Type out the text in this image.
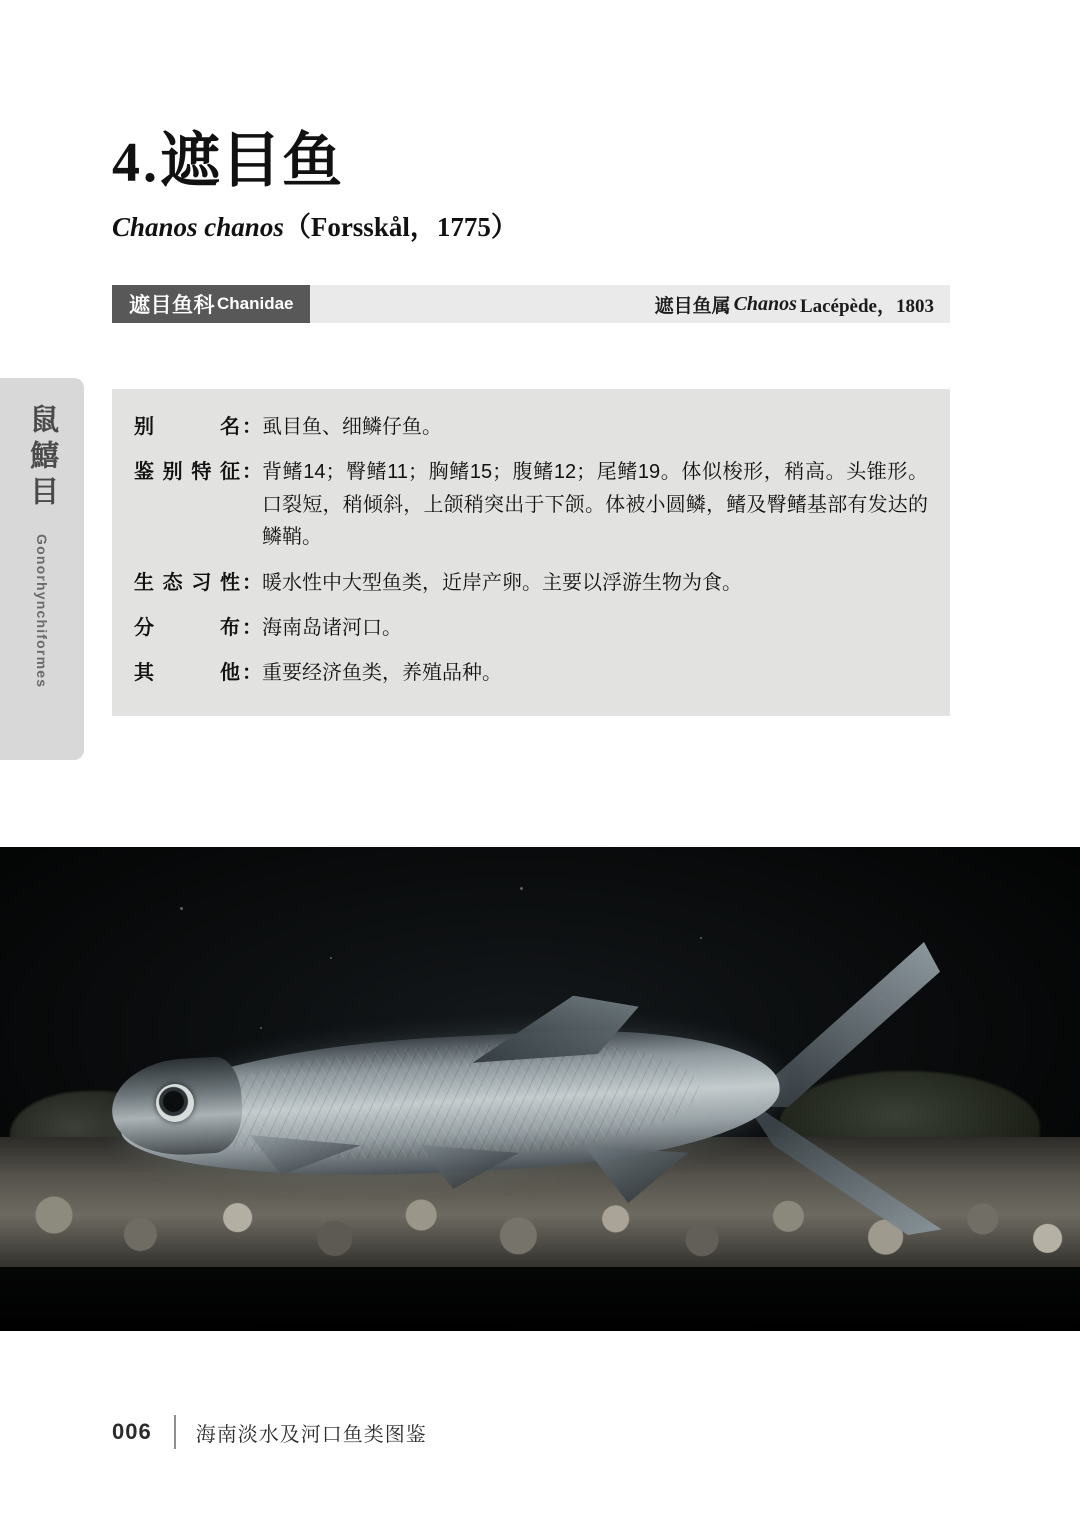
鼠鱚目
Gonorhynchiformes
4.遮目鱼
Chanos chanos（Forsskål，1775）
遮目鱼科 Chanidae	遮目鱼属 Chanos Lacépède，1803
别名 ： 虱目鱼、细鳞仔鱼。
鉴别特征 ： 背鳍14；臀鳍11；胸鳍15；腹鳍12；尾鳍19。体似梭形，稍高。头锥形。口裂短，稍倾斜，上颌稍突出于下颌。体被小圆鳞，鳍及臀鳍基部有发达的鳞鞘。
生态习性 ： 暖水性中大型鱼类，近岸产卵。主要以浮游生物为食。
分布 ： 海南岛诸河口。
其他 ： 重要经济鱼类，养殖品种。
006 海南淡水及河口鱼类图鉴
